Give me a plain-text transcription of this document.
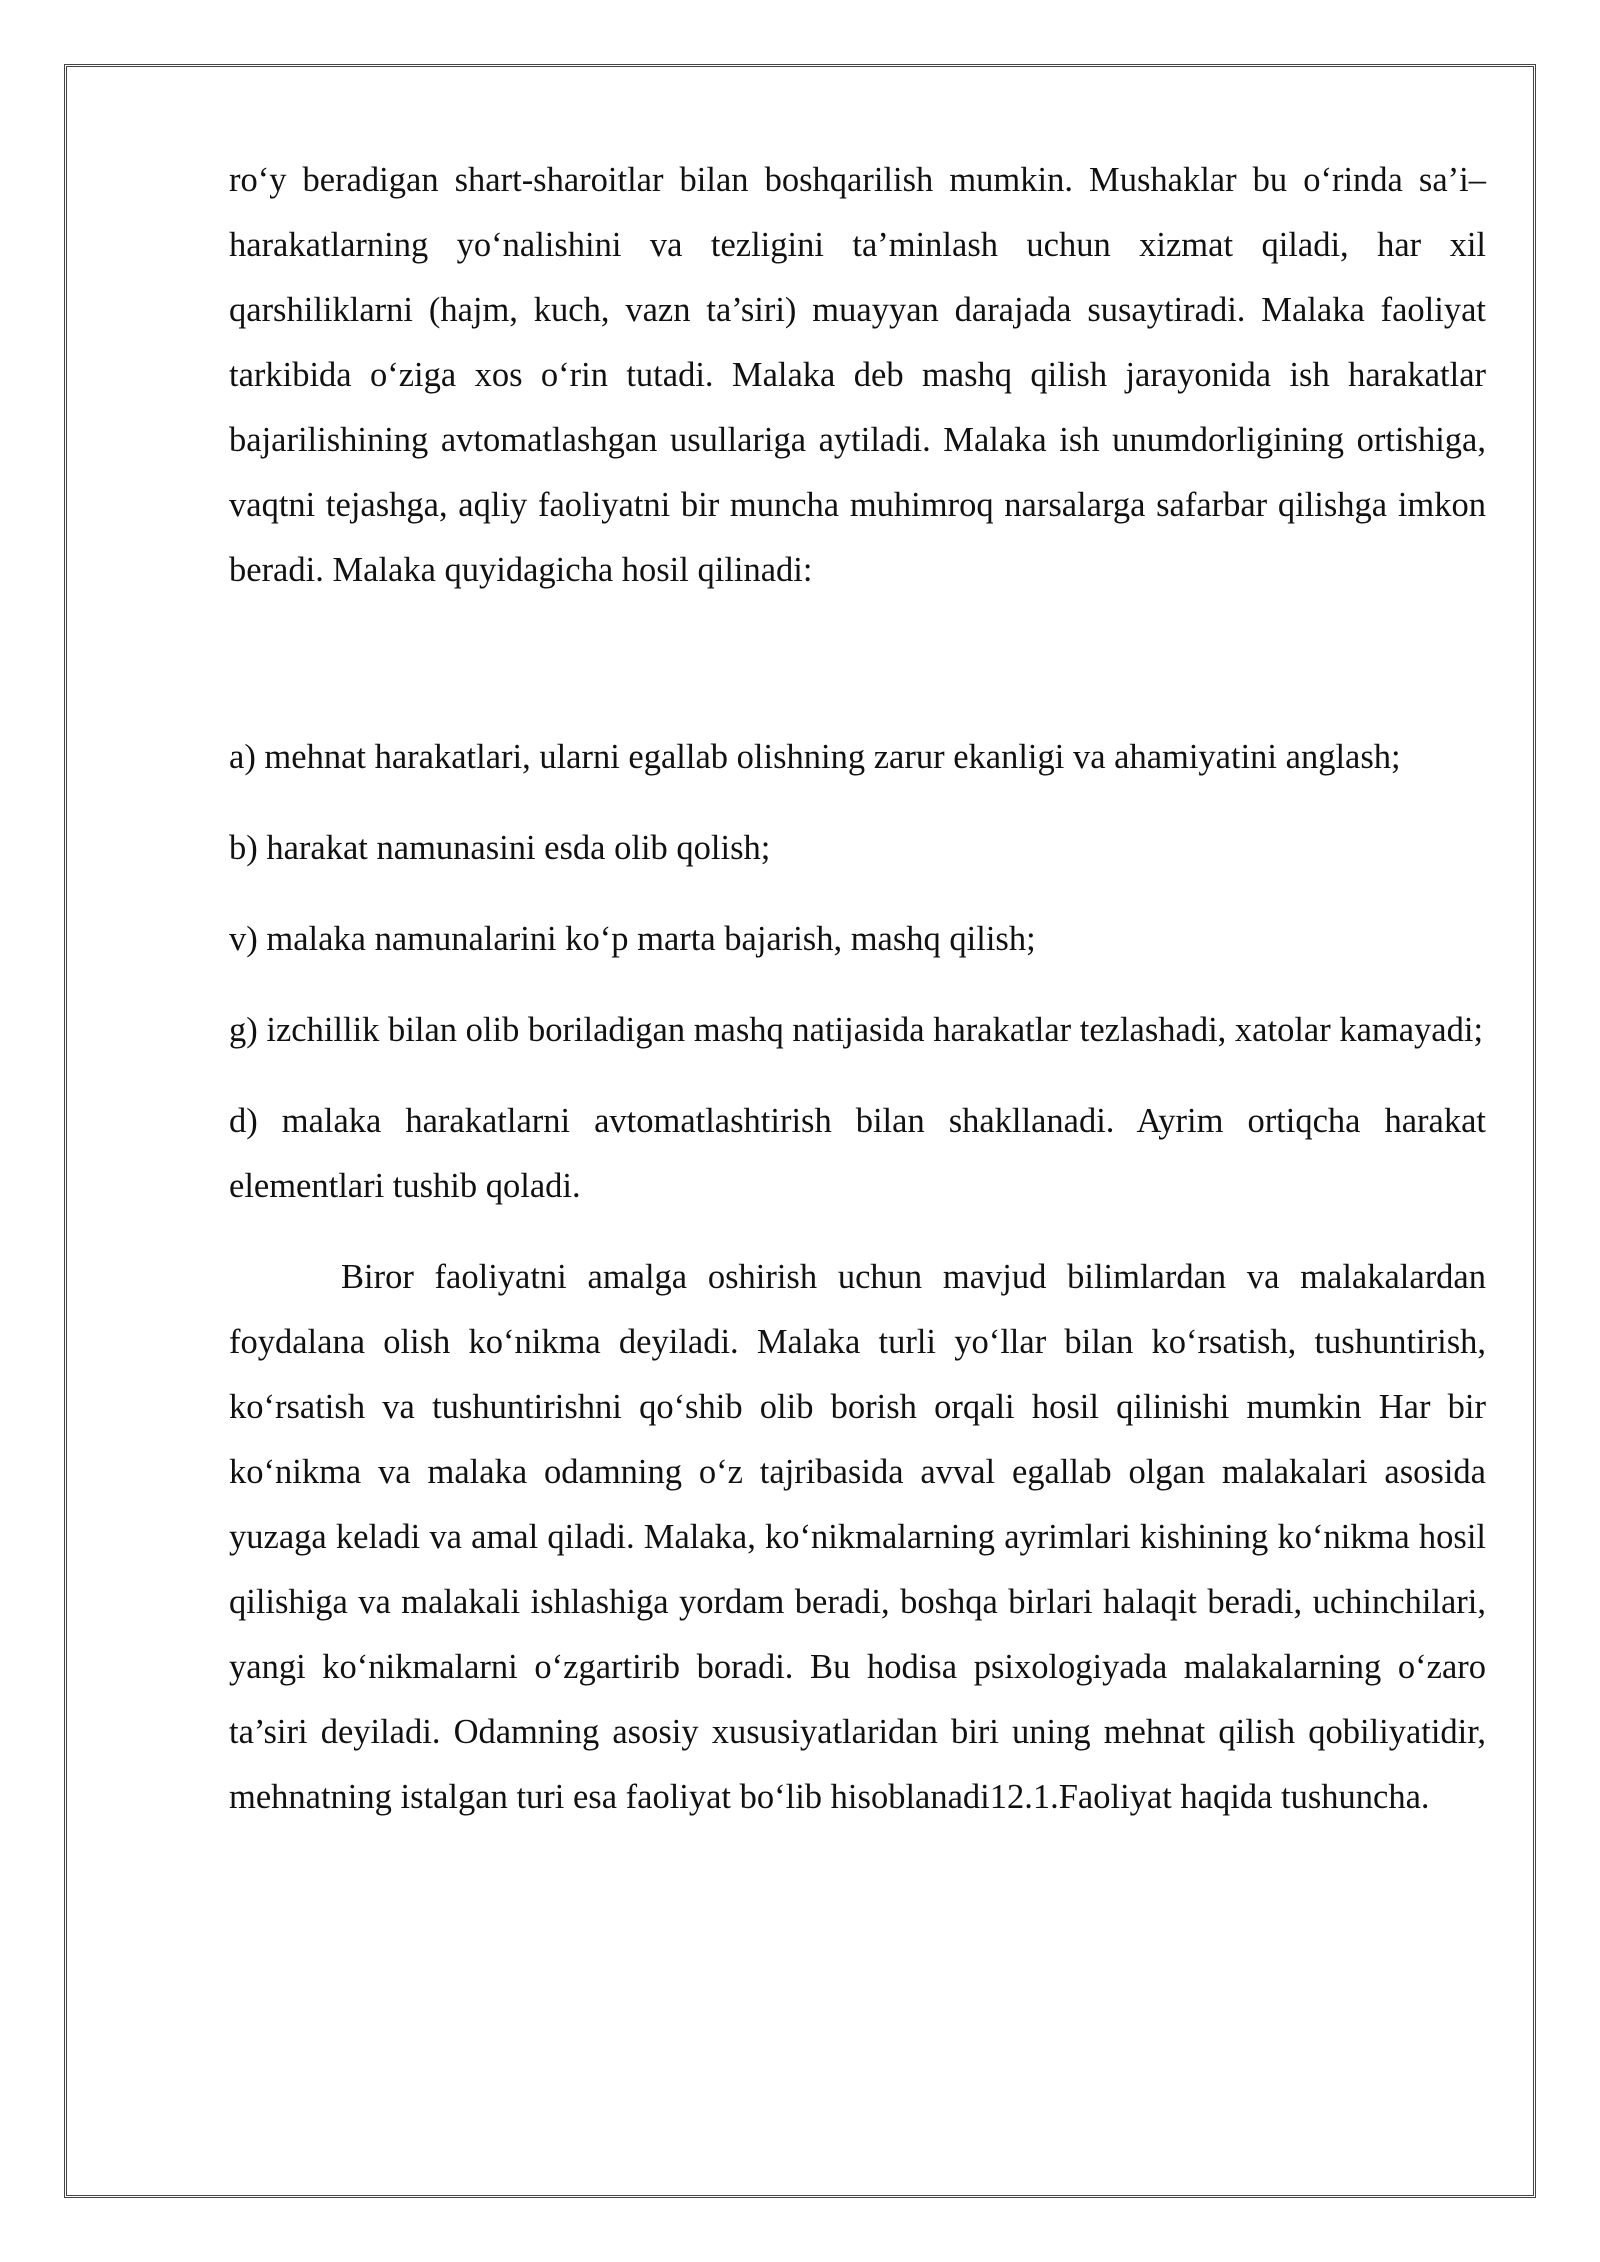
ro‘y beradigan shart-sharoitlar bilan boshqarilish mumkin. Mushaklar bu o‘rinda sa’i– harakatlarning yo‘nalishini va tezligini ta’minlash uchun xizmat qiladi, har xil qarshiliklarni (hajm, kuch, vazn ta’siri) muayyan darajada susaytiradi. Malaka faoliyat tarkibida o‘ziga xos o‘rin tutadi. Malaka deb mashq qilish jarayonida ish harakatlar bajarilishining avtomatlashgan usullariga aytiladi. Malaka ish unumdorligining ortishiga, vaqtni tejashga, aqliy faoliyatni bir muncha muhimroq narsalarga safarbar qilishga imkon beradi. Malaka quyidagicha hosil qilinadi:

a) mehnat harakatlari, ularni egallab olishning zarur ekanligi va ahamiyatini anglash;

b) harakat namunasini esda olib qolish;

v) malaka namunalarini ko‘p marta bajarish, mashq qilish;

g) izchillik bilan olib boriladigan mashq natijasida harakatlar tezlashadi, xatolar kamayadi;

d) malaka harakatlarni avtomatlashtirish bilan shakllanadi. Ayrim ortiqcha harakat elementlari tushib qoladi.

Biror faoliyatni amalga oshirish uchun mavjud bilimlardan va malakalardan foydalana olish ko‘nikma deyiladi. Malaka turli yo‘llar bilan ko‘rsatish, tushuntirish, ko‘rsatish va tushuntirishni qo‘shib olib borish orqali hosil qilinishi mumkin Har bir ko‘nikma va malaka odamning o‘z tajribasida avval egallab olgan malakalari asosida yuzaga keladi va amal qiladi. Malaka, ko‘nikmalarning ayrimlari kishining ko‘nikma hosil qilishiga va malakali ishlashiga yordam beradi, boshqa birlari halaqit beradi, uchinchilari, yangi ko‘nikmalarni o‘zgartirib boradi. Bu hodisa psixologiyada malakalarning o‘zaro ta’siri deyiladi. Odamning asosiy xususiyatlaridan biri uning mehnat qilish qobiliyatidir, mehnatning istalgan turi esa faoliyat bo‘lib hisoblanadi12.1.Faoliyat haqida tushuncha.
